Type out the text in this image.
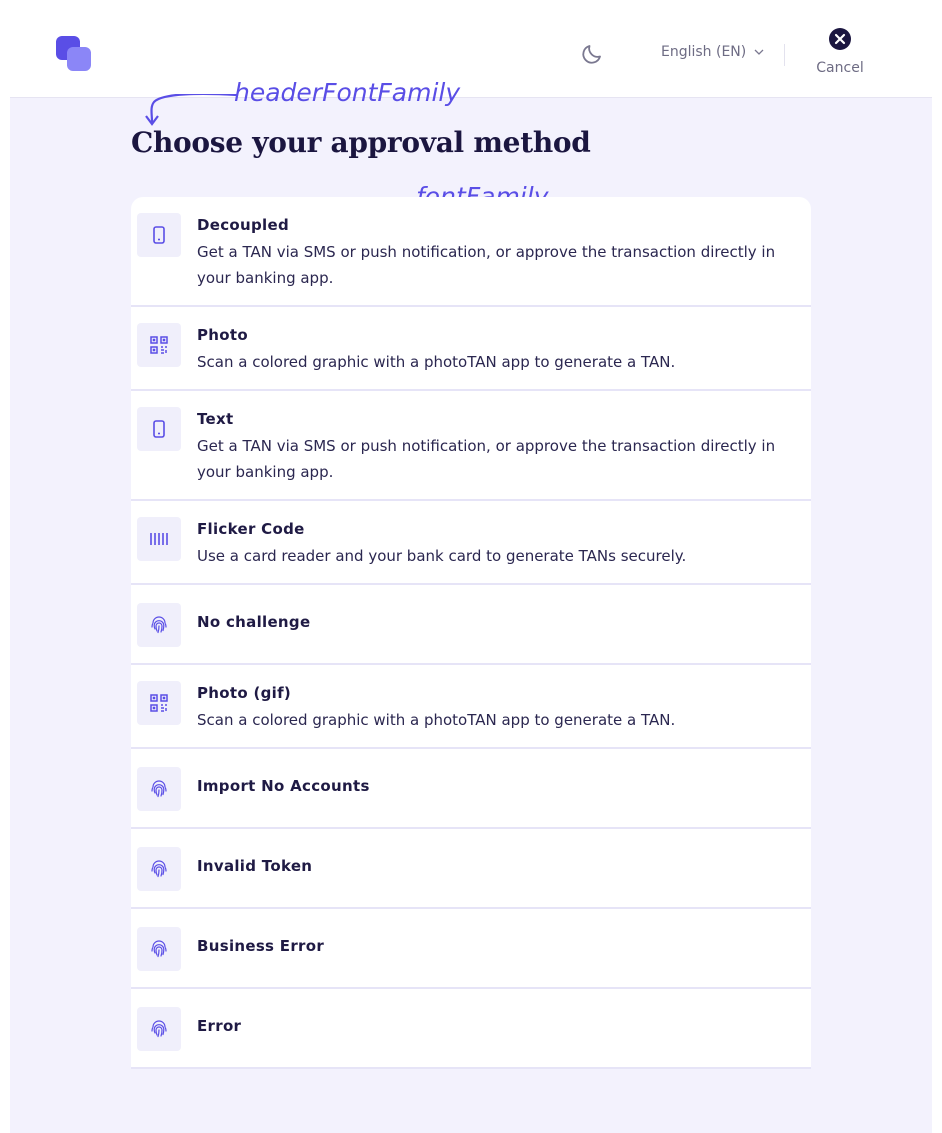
English (EN)
Cancel
headerFontFamily
Choose your approval method
Decoupled
Get a TAN via SMS or push notification, or approve the transaction directly in your banking app.
Photo
Scan a colored graphic with a photoTAN app to generate a TAN.
Text
Get a TAN via SMS or push notification, or approve the transaction directly in your banking app.
Flicker Code
Use a card reader and your bank card to generate TANs securely.
No challenge
Photo (gif)
Scan a colored graphic with a photoTAN app to generate a TAN.
Import No Accounts
Invalid Token
Business Error
Error
